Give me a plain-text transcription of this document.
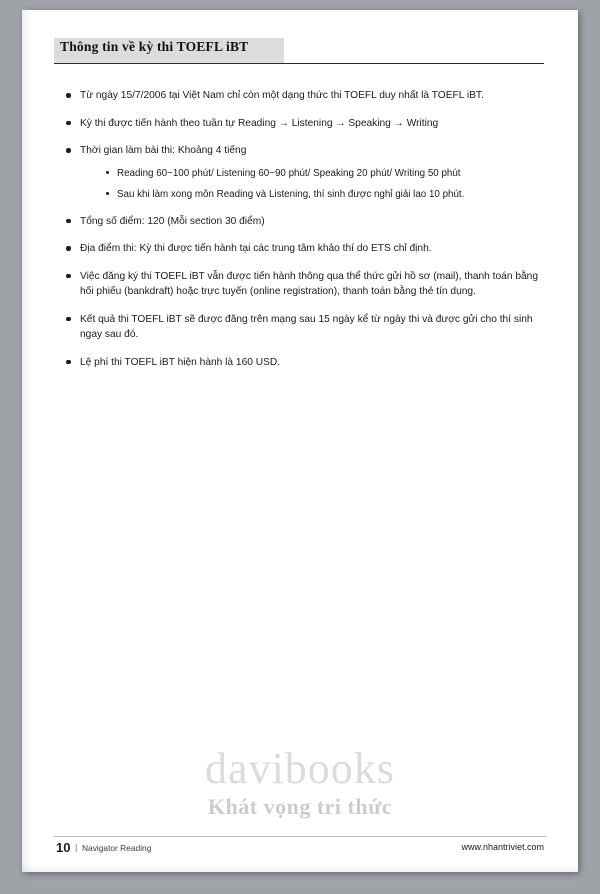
Thông tin về kỳ thi TOEFL iBT
Từ ngày 15/7/2006 tại Việt Nam chỉ còn một dạng thức thi TOEFL duy nhất là TOEFL iBT.
Kỳ thi được tiến hành theo tuần tự Reading → Listening → Speaking → Writing
Thời gian làm bài thi: Khoảng 4 tiếng
Reading 60~100 phút/ Listening 60~90 phút/ Speaking 20 phút/ Writing 50 phút
Sau khi làm xong môn Reading và Listening, thí sinh được nghỉ giải lao 10 phút.
Tổng số điểm: 120 (Mỗi section 30 điểm)
Địa điểm thi: Kỳ thi được tiến hành tại các trung tâm khảo thí do ETS chỉ định.
Việc đăng ký thi TOEFL iBT vẫn được tiến hành thông qua thể thức gửi hồ sơ (mail), thanh toán bằng hối phiếu (bankdraft) hoặc trực tuyến (online registration), thanh toán bằng thẻ tín dụng.
Kết quả thi TOEFL iBT sẽ được đăng trên mạng sau 15 ngày kể từ ngày thi và được gửi cho thí sinh ngay sau đó.
Lệ phí thi TOEFL iBT hiện hành là 160 USD.
davibooks
Khát vọng tri thức
10 | Navigator Reading	www.nhantriviet.com
